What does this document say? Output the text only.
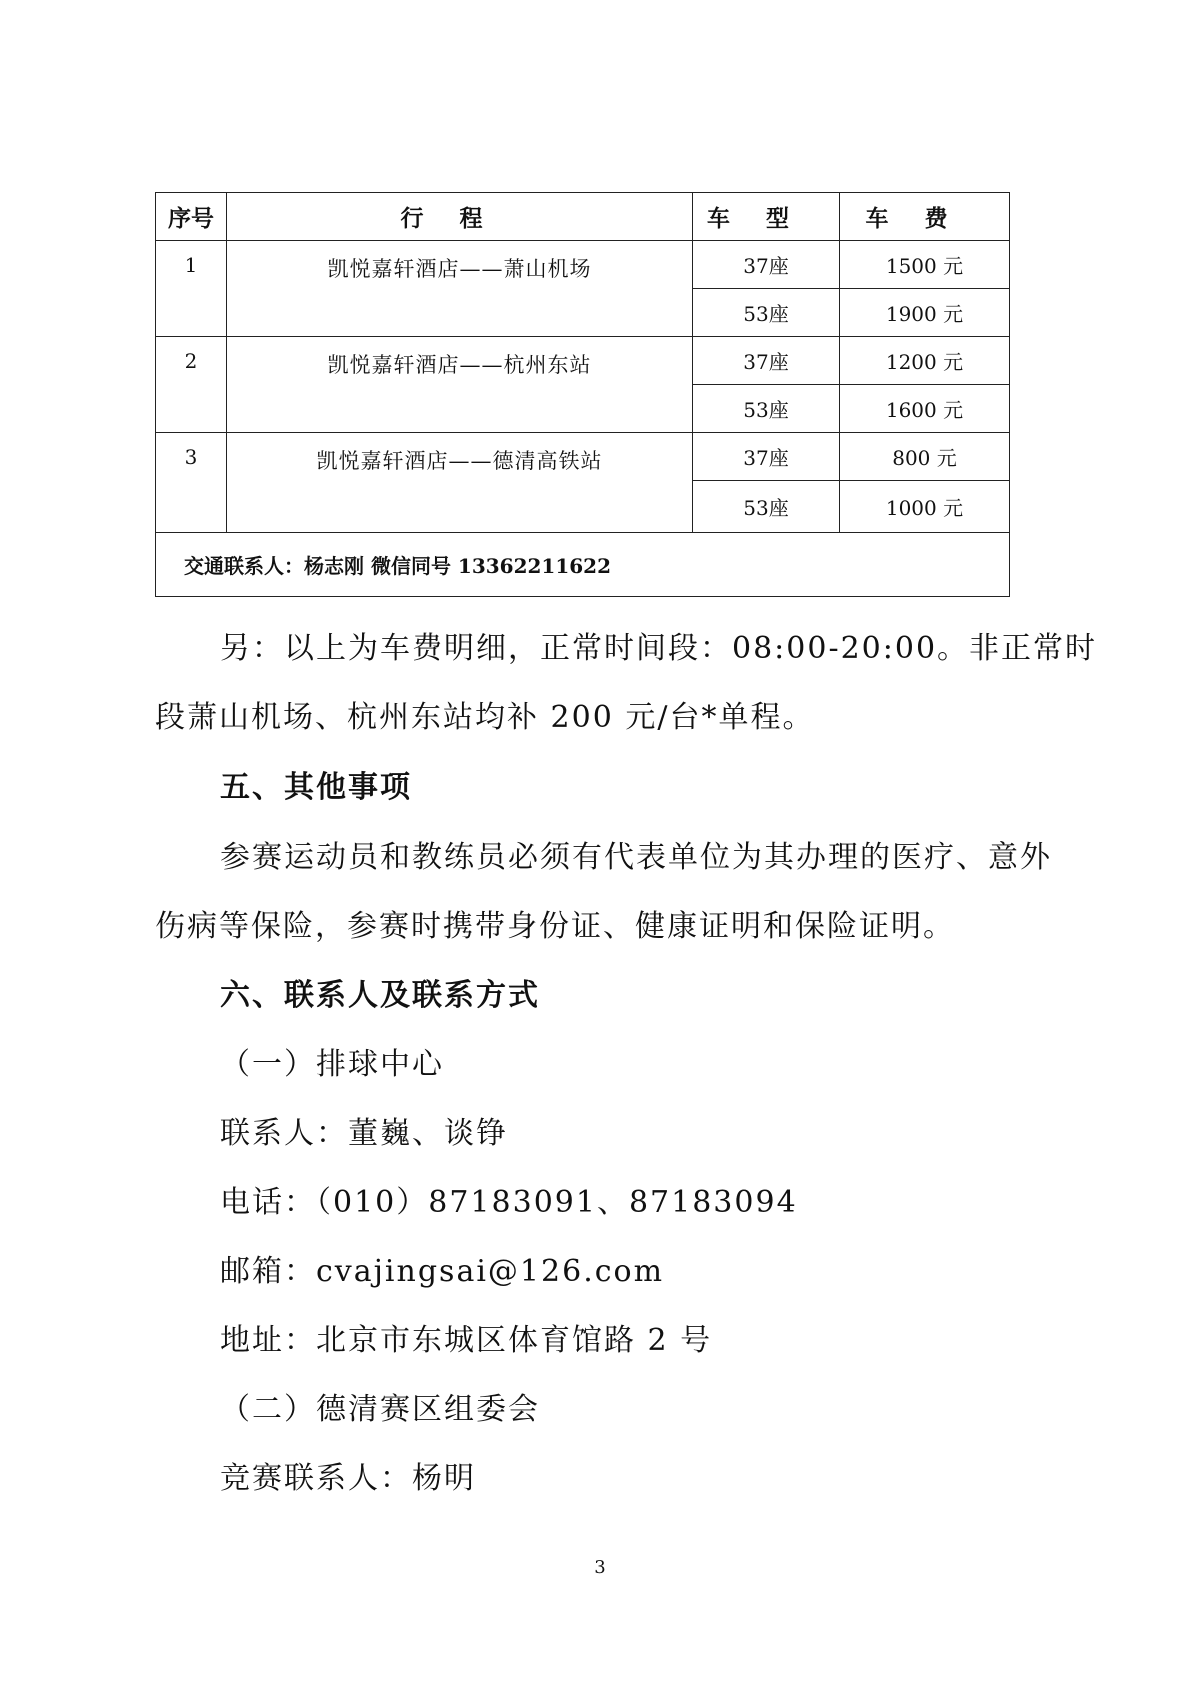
序号	行程	车型	车费
1	凯悦嘉轩酒店——萧山机场	37座	1500 元
		53座	1900 元
2	凯悦嘉轩酒店——杭州东站	37座	1200 元
		53座	1600 元
3	凯悦嘉轩酒店——德清高铁站	37座	800 元
		53座	1000 元
交通联系人：杨志刚 微信同号 13362211622			
另：以上为车费明细，正常时间段：08:00-20:00。非正常时
段萧山机场、杭州东站均补 200 元/台*单程。
五、其他事项
参赛运动员和教练员必须有代表单位为其办理的医疗、意外
伤病等保险，参赛时携带身份证、健康证明和保险证明。
六、联系人及联系方式
（一）排球中心
联系人：董巍、谈铮
电话：（010）87183091、87183094
邮箱：cvajingsai@126.com
地址：北京市东城区体育馆路 2 号
（二）德清赛区组委会
竞赛联系人：杨明
3
